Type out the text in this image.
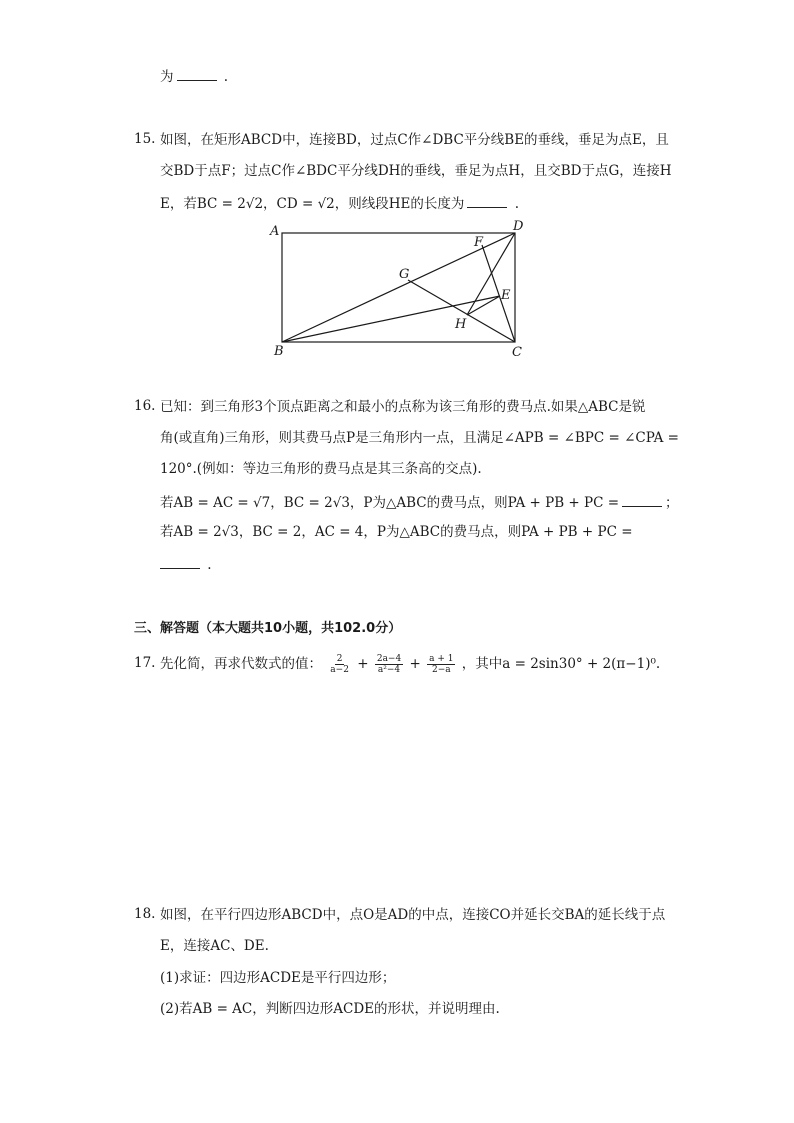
为	.
15. 如图，在矩形ABCD中，连接BD，过点C作∠DBC平分线BE的垂线，垂足为点E，且
交BD于点F；过点C作∠BDC平分线DH的垂线，垂足为点H，且交BD于点G，连接H
E，若BC = 2√2，CD = √2，则线段HE的长度为	.
A
B	C
D
E
F
G
H
16. 已知：到三角形3个顶点距离之和最小的点称为该三角形的费马点.如果△ABC是锐
角(或直角)三角形，则其费马点P是三角形内一点，且满足∠APB = ∠BPC = ∠CPA =
120°.(例如：等边三角形的费马点是其三条高的交点).
若AB = AC = √7，BC = 2√3，P为△ABC的费马点，则PA + PB + PC =	；
若AB = 2√3，BC = 2，AC = 4，P为△ABC的费马点，则PA + PB + PC =
.
三、解答题（本大题共10小题，共102.0分）
17. 先化简，再求代数式的值： $\frac{2}{a-2} + \frac{2a-4}{\text{a²−4}} + \frac{a + 1}{2-a}$ ，其中a = 2sin30° + 2(π−1)⁰.
18. 如图，在平行四边形ABCD中，点O是AD的中点，连接CO并延长交BA的延长线于点
E，连接AC、DE.
(1)求证：四边形ACDE是平行四边形；
(2)若AB = AC，判断四边形ACDE的形状，并说明理由.
